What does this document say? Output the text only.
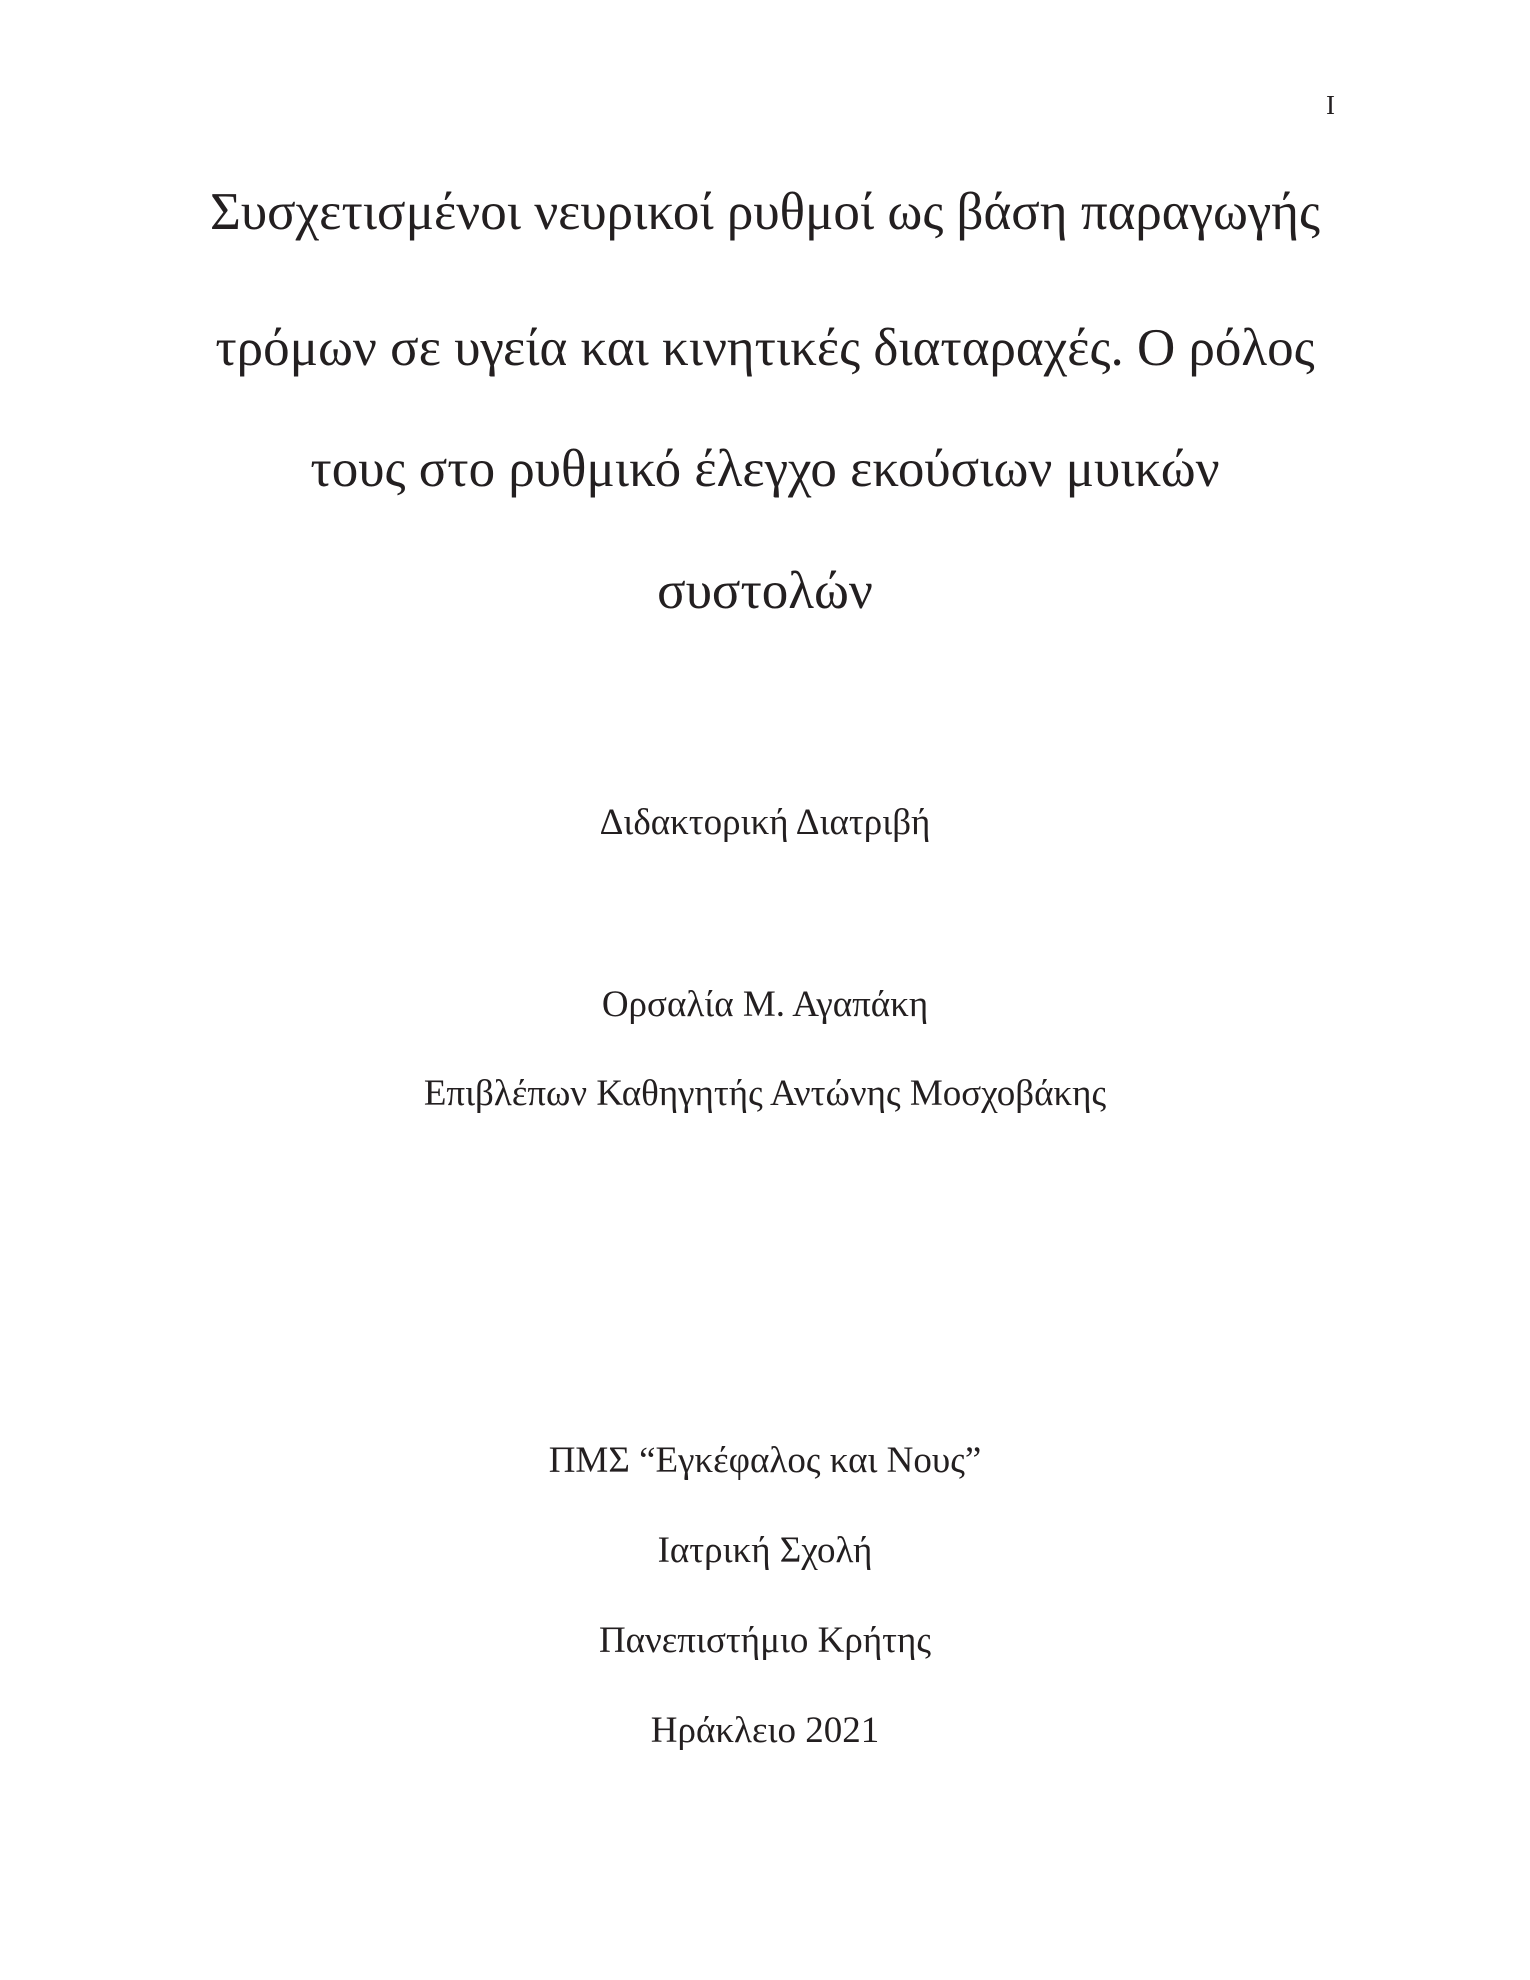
I
Συσχετισμένοι νευρικοί ρυθμοί ως βάση παραγωγής
τρόμων σε υγεία και κινητικές διαταραχές. Ο ρόλος
τους στο ρυθμικό έλεγχο εκούσιων μυικών
συστολών
Διδακτορική Διατριβή
Ορσαλία Μ. Αγαπάκη
Επιβλέπων Καθηγητής Αντώνης Μοσχοβάκης
ΠΜΣ “Εγκέφαλος και Νους”
Ιατρική Σχολή
Πανεπιστήμιο Κρήτης
Ηράκλειο 2021
